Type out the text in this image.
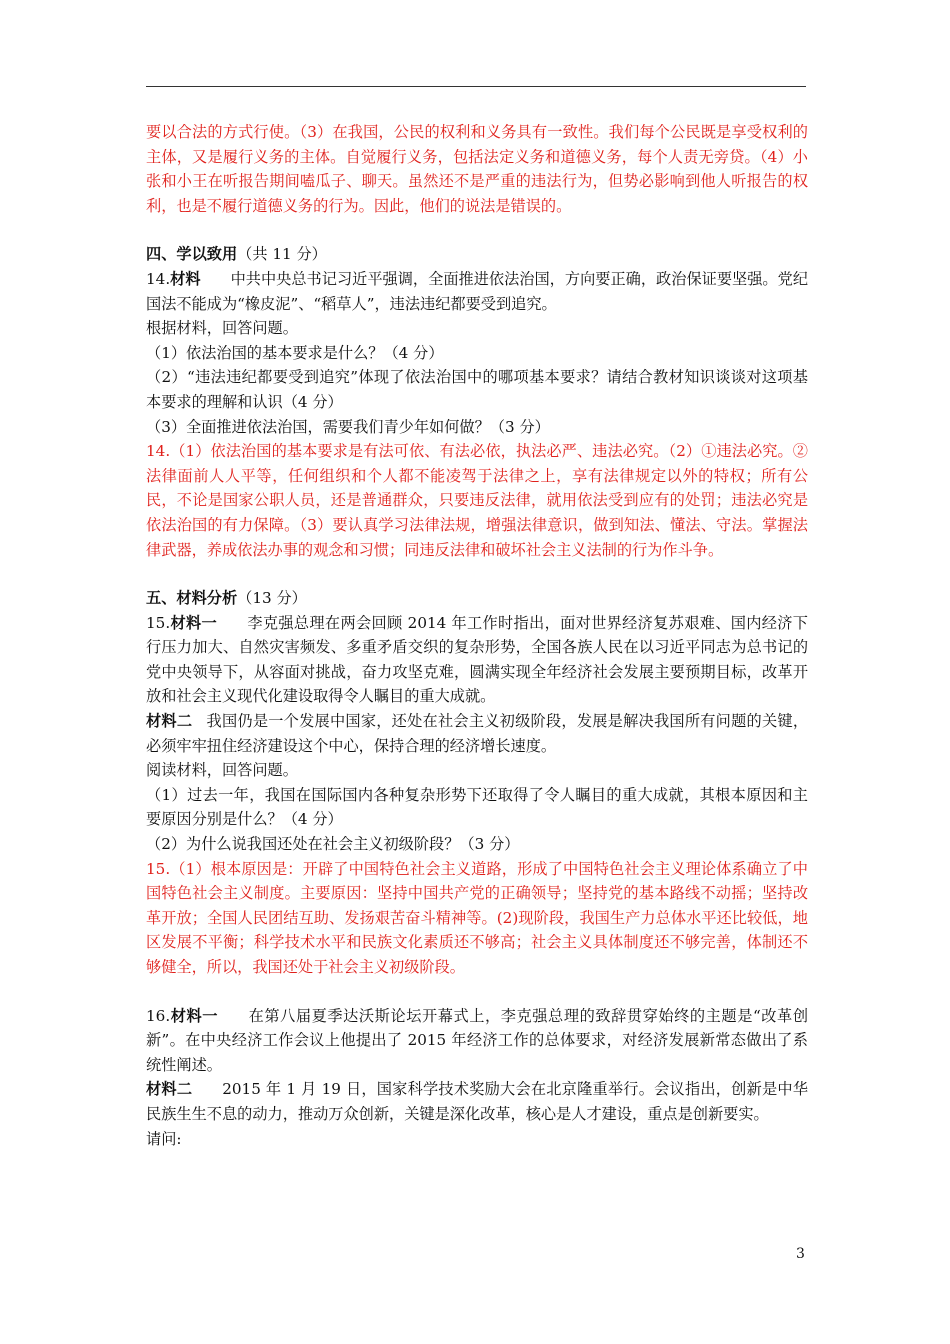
要以合法的方式行使。（3）在我国，公民的权利和义务具有一致性。我们每个公民既是享受权利的主体，又是履行义务的主体。自觉履行义务，包括法定义务和道德义务，每个人责无旁贷。（4）小张和小王在听报告期间嗑瓜子、聊天。虽然还不是严重的违法行为，但势必影响到他人听报告的权利，也是不履行道德义务的行为。因此，他们的说法是错误的。

四、学以致用（共 11 分）

14.材料 中共中央总书记习近平强调，全面推进依法治国，方向要正确，政治保证要坚强。党纪国法不能成为“橡皮泥”、“稻草人”，违法违纪都要受到追究。

根据材料，回答问题。

（1）依法治国的基本要求是什么？（4 分）

（2）“违法违纪都要受到追究”体现了依法治国中的哪项基本要求？请结合教材知识谈谈对这项基本要求的理解和认识（4 分）

（3）全面推进依法治国，需要我们青少年如何做？（3 分）

14.（1）依法治国的基本要求是有法可依、有法必依，执法必严、违法必究。（2）①违法必究。②法律面前人人平等，任何组织和个人都不能凌驾于法律之上，享有法律规定以外的特权；所有公民，不论是国家公职人员，还是普通群众，只要违反法律，就用依法受到应有的处罚；违法必究是依法治国的有力保障。（3）要认真学习法律法规，增强法律意识，做到知法、懂法、守法。掌握法律武器，养成依法办事的观念和习惯；同违反法律和破坏社会主义法制的行为作斗争。

五、材料分析（13 分）

15.材料一 李克强总理在两会回顾 2014 年工作时指出，面对世界经济复苏艰难、国内经济下行压力加大、自然灾害频发、多重矛盾交织的复杂形势，全国各族人民在以习近平同志为总书记的党中央领导下，从容面对挑战，奋力攻坚克难，圆满实现全年经济社会发展主要预期目标，改革开放和社会主义现代化建设取得令人瞩目的重大成就。

材料二 我国仍是一个发展中国家，还处在社会主义初级阶段，发展是解决我国所有问题的关键，必须牢牢扭住经济建设这个中心，保持合理的经济增长速度。

阅读材料，回答问题。

（1）过去一年，我国在国际国内各种复杂形势下还取得了令人瞩目的重大成就，其根本原因和主要原因分别是什么？（4 分）

（2）为什么说我国还处在社会主义初级阶段？（3 分）

15.（1）根本原因是：开辟了中国特色社会主义道路，形成了中国特色社会主义理论体系确立了中国特色社会主义制度。主要原因：坚持中国共产党的正确领导；坚持党的基本路线不动摇；坚持改革开放；全国人民团结互助、发扬艰苦奋斗精神等。(2)现阶段，我国生产力总体水平还比较低，地区发展不平衡；科学技术水平和民族文化素质还不够高；社会主义具体制度还不够完善，体制还不够健全，所以，我国还处于社会主义初级阶段。

16.材料一 在第八届夏季达沃斯论坛开幕式上，李克强总理的致辞贯穿始终的主题是“改革创新”。在中央经济工作会议上他提出了 2015 年经济工作的总体要求，对经济发展新常态做出了系统性阐述。

材料二 2015 年 1 月 19 日，国家科学技术奖励大会在北京隆重举行。会议指出，创新是中华民族生生不息的动力，推动万众创新，关键是深化改革，核心是人才建设，重点是创新要实。

请问:

3
